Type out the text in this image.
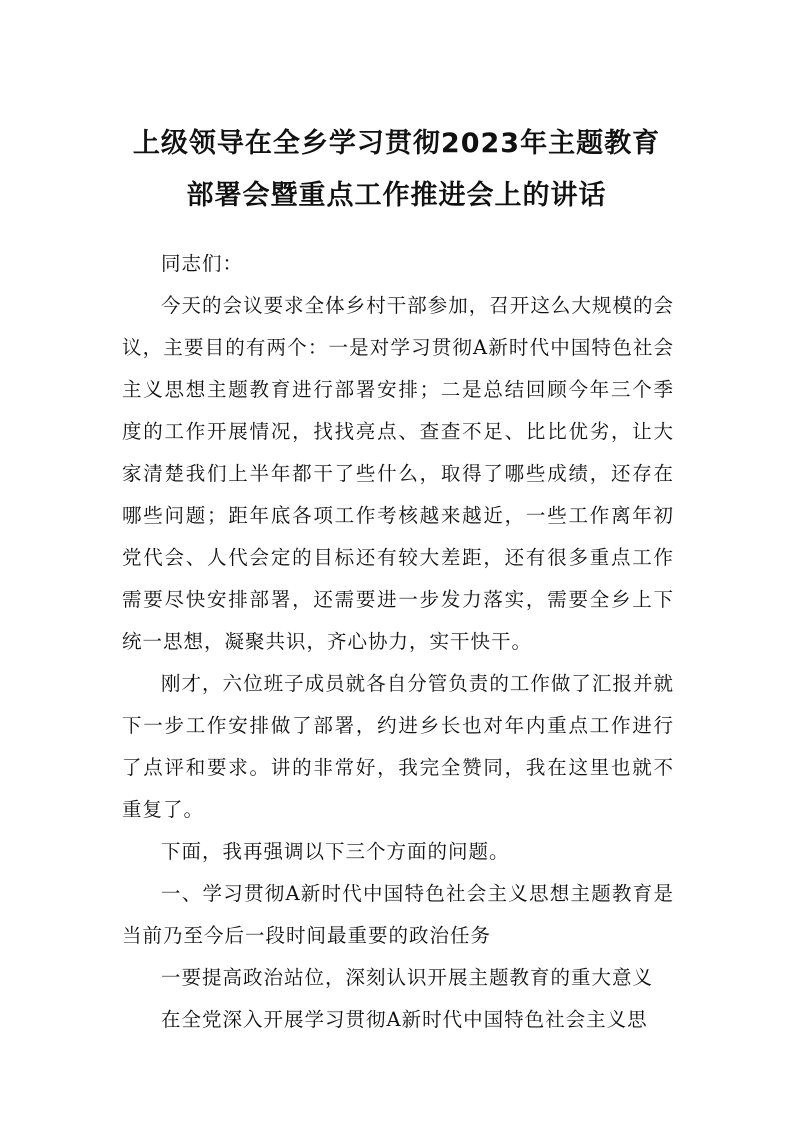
上级领导在全乡学习贯彻2023年主题教育
部署会暨重点工作推进会上的讲话

同志们：

今天的会议要求全体乡村干部参加，召开这么大规模的会议，主要目的有两个：一是对学习贯彻A新时代中国特色社会主义思想主题教育进行部署安排；二是总结回顾今年三个季度的工作开展情况，找找亮点、查查不足、比比优劣，让大家清楚我们上半年都干了些什么，取得了哪些成绩，还存在哪些问题；距年底各项工作考核越来越近，一些工作离年初党代会、人代会定的目标还有较大差距，还有很多重点工作需要尽快安排部署，还需要进一步发力落实，需要全乡上下统一思想，凝聚共识，齐心协力，实干快干。

刚才，六位班子成员就各自分管负责的工作做了汇报并就下一步工作安排做了部署，约进乡长也对年内重点工作进行了点评和要求。讲的非常好，我完全赞同，我在这里也就不重复了。

下面，我再强调以下三个方面的问题。

一、学习贯彻A新时代中国特色社会主义思想主题教育是当前乃至今后一段时间最重要的政治任务

一要提高政治站位，深刻认识开展主题教育的重大意义

在全党深入开展学习贯彻A新时代中国特色社会主义思
